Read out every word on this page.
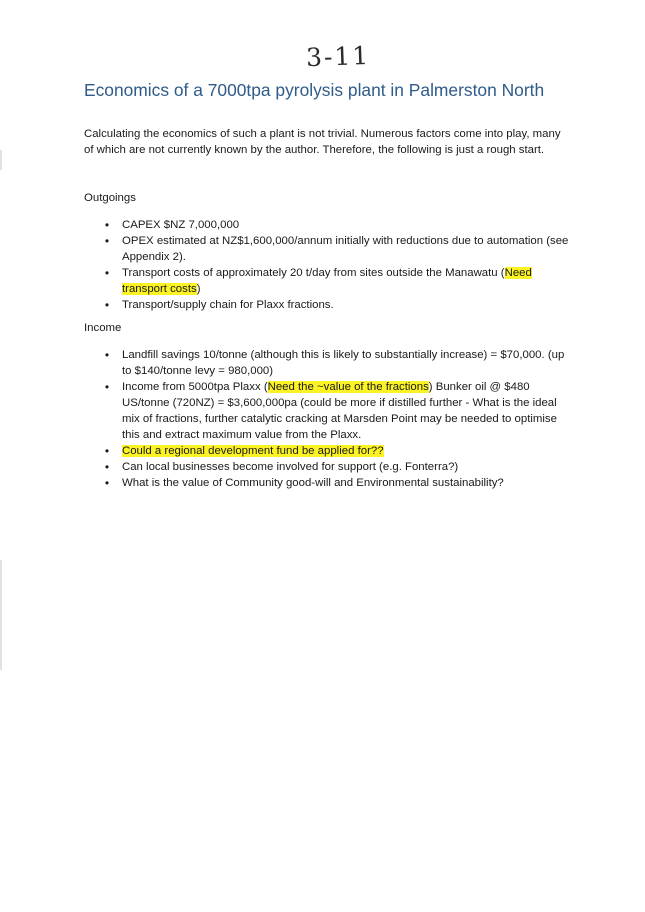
3-11
Economics of a 7000tpa pyrolysis plant in Palmerston North

Calculating the economics of such a plant is not trivial. Numerous factors come into play, many of which are not currently known by the author. Therefore, the following is just a rough start.

Outgoings
•	CAPEX $NZ 7,000,000
•	OPEX estimated at NZ$1,600,000/annum initially with reductions due to automation (see Appendix 2).
•	Transport costs of approximately 20 t/day from sites outside the Manawatu (Need transport costs)
•	Transport/supply chain for Plaxx fractions.
Income
•	Landfill savings 10/tonne (although this is likely to substantially increase) = $70,000. (up to $140/tonne levy = 980,000)
•	Income from 5000tpa Plaxx (Need the ~value of the fractions) Bunker oil @ $480 US/tonne (720NZ) = $3,600,000pa (could be more if distilled further - What is the ideal mix of fractions, further catalytic cracking at Marsden Point may be needed to optimise this and extract maximum value from the Plaxx.
•	Could a regional development fund be applied for??
•	Can local businesses become involved for support (e.g. Fonterra?)
•	What is the value of Community good-will and Environmental sustainability?
